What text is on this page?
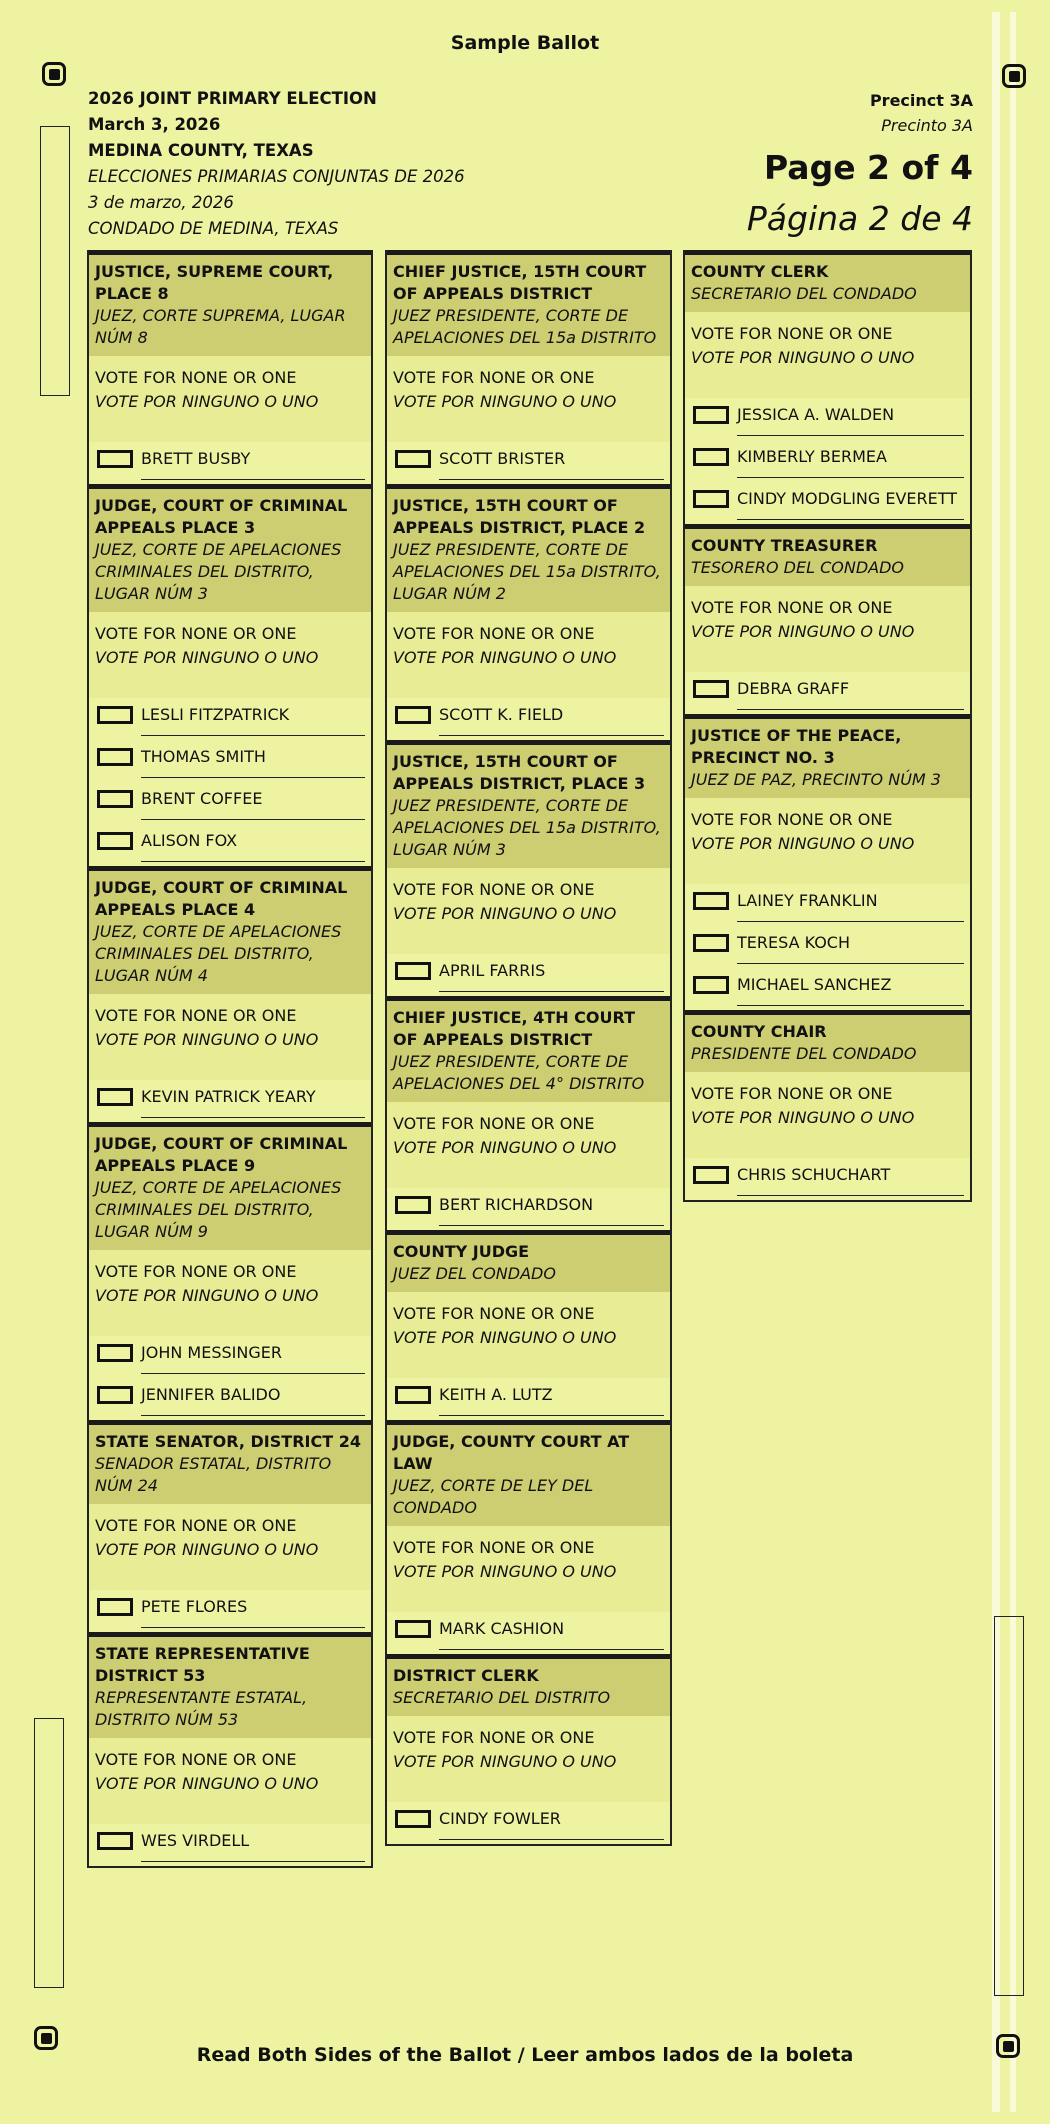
Sample Ballot
2026 JOINT PRIMARY ELECTION
March 3, 2026
MEDINA COUNTY, TEXAS
ELECCIONES PRIMARIAS CONJUNTAS DE 2026
3 de marzo, 2026
CONDADO DE MEDINA, TEXAS
Precinct 3A
Precinto 3A
Page 2 of 4
Página 2 de 4
JUSTICE, SUPREME COURT, PLACE 8
JUEZ, CORTE SUPREMA, LUGAR NÚM 8
VOTE FOR NONE OR ONE
VOTE POR NINGUNO O UNO
BRETT BUSBY
JUDGE, COURT OF CRIMINAL APPEALS PLACE 3
JUEZ, CORTE DE APELACIONES CRIMINALES DEL DISTRITO, LUGAR NÚM 3
VOTE FOR NONE OR ONE
VOTE POR NINGUNO O UNO
LESLI FITZPATRICK
THOMAS SMITH
BRENT COFFEE
ALISON FOX
JUDGE, COURT OF CRIMINAL APPEALS PLACE 4
JUEZ, CORTE DE APELACIONES CRIMINALES DEL DISTRITO, LUGAR NÚM 4
VOTE FOR NONE OR ONE
VOTE POR NINGUNO O UNO
KEVIN PATRICK YEARY
JUDGE, COURT OF CRIMINAL APPEALS PLACE 9
JUEZ, CORTE DE APELACIONES CRIMINALES DEL DISTRITO, LUGAR NÚM 9
VOTE FOR NONE OR ONE
VOTE POR NINGUNO O UNO
JOHN MESSINGER
JENNIFER BALIDO
STATE SENATOR, DISTRICT 24
SENADOR ESTATAL, DISTRITO NÚM 24
VOTE FOR NONE OR ONE
VOTE POR NINGUNO O UNO
PETE FLORES
STATE REPRESENTATIVE DISTRICT 53
REPRESENTANTE ESTATAL, DISTRITO NÚM 53
VOTE FOR NONE OR ONE
VOTE POR NINGUNO O UNO
WES VIRDELL
CHIEF JUSTICE, 15TH COURT OF APPEALS DISTRICT
JUEZ PRESIDENTE, CORTE DE APELACIONES DEL 15a DISTRITO
VOTE FOR NONE OR ONE
VOTE POR NINGUNO O UNO
SCOTT BRISTER
JUSTICE, 15TH COURT OF APPEALS DISTRICT, PLACE 2
JUEZ PRESIDENTE, CORTE DE APELACIONES DEL 15a DISTRITO, LUGAR NÚM 2
VOTE FOR NONE OR ONE
VOTE POR NINGUNO O UNO
SCOTT K. FIELD
JUSTICE, 15TH COURT OF APPEALS DISTRICT, PLACE 3
JUEZ PRESIDENTE, CORTE DE APELACIONES DEL 15a DISTRITO, LUGAR NÚM 3
VOTE FOR NONE OR ONE
VOTE POR NINGUNO O UNO
APRIL FARRIS
CHIEF JUSTICE, 4TH COURT OF APPEALS DISTRICT
JUEZ PRESIDENTE, CORTE DE APELACIONES DEL 4° DISTRITO
VOTE FOR NONE OR ONE
VOTE POR NINGUNO O UNO
BERT RICHARDSON
COUNTY JUDGE
JUEZ DEL CONDADO
VOTE FOR NONE OR ONE
VOTE POR NINGUNO O UNO
KEITH A. LUTZ
JUDGE, COUNTY COURT AT LAW
JUEZ, CORTE DE LEY DEL CONDADO
VOTE FOR NONE OR ONE
VOTE POR NINGUNO O UNO
MARK CASHION
DISTRICT CLERK
SECRETARIO DEL DISTRITO
VOTE FOR NONE OR ONE
VOTE POR NINGUNO O UNO
CINDY FOWLER
COUNTY CLERK
SECRETARIO DEL CONDADO
VOTE FOR NONE OR ONE
VOTE POR NINGUNO O UNO
JESSICA A. WALDEN
KIMBERLY BERMEA
CINDY MODGLING EVERETT
COUNTY TREASURER
TESORERO DEL CONDADO
VOTE FOR NONE OR ONE
VOTE POR NINGUNO O UNO
DEBRA GRAFF
JUSTICE OF THE PEACE, PRECINCT NO. 3
JUEZ DE PAZ, PRECINTO NÚM 3
VOTE FOR NONE OR ONE
VOTE POR NINGUNO O UNO
LAINEY FRANKLIN
TERESA KOCH
MICHAEL SANCHEZ
COUNTY CHAIR
PRESIDENTE DEL CONDADO
VOTE FOR NONE OR ONE
VOTE POR NINGUNO O UNO
CHRIS SCHUCHART
Read Both Sides of the Ballot / Leer ambos lados de la boleta
